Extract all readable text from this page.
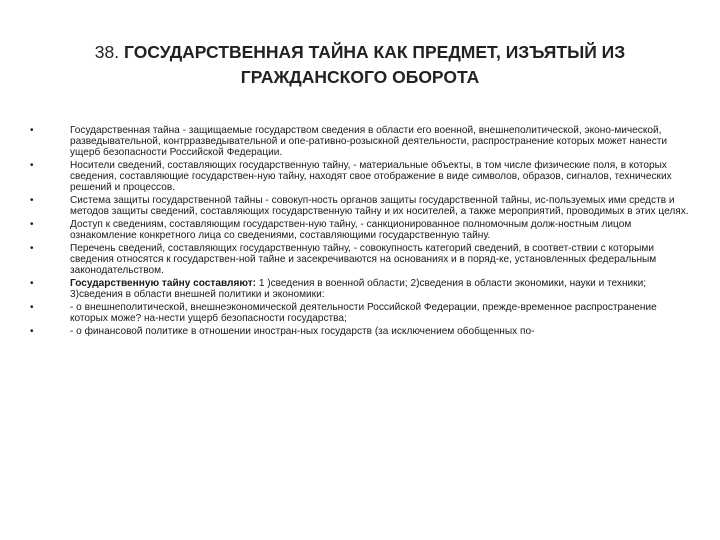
38. ГОСУДАРСТВЕННАЯ ТАЙНА КАК ПРЕДМЕТ, ИЗЪЯТЫЙ ИЗ ГРАЖДАНСКОГО ОБОРОТА
•	Государственная тайна - защищаемые государством сведения в области его военной, внешнеполитической, эконо-мической, разведывательной, контрразведывательной и опе-ративно-розыскной деятельности, распространение которых может нанести ущерб безопасности Российской Федерации.
•	Носители сведений, составляющих государственную тайну, - материальные объекты, в том числе физические поля, в которых сведения, составляющие государствен-ную тайну, находят свое отображение в виде символов, образов, сигналов, технических решений и процессов.
•	Система защиты государственной тайны - совокуп-ность органов защиты государственной тайны, ис-пользуемых ими средств и методов защиты сведений, составляющих государственную тайну и их носителей, а также мероприятий, проводимых в этих целях.
•	Доступ к сведениям, составляющим государствен-ную тайну, - санкционированное полномочным долж-ностным лицом ознакомление конкретного лица со сведениями, составляющими государственную тайну.
•	Перечень сведений, составляющих государственную тайну, - совокупность категорий сведений, в соответ-ствии с которыми сведения относятся к государствен-ной тайне и засекречиваются на основаниях и в поряд-ке, установленных федеральным законодательством.
•	Государственную тайну составляют: 1 )сведения в военной области; 2)сведения в области экономики, науки и техники; 3)сведения в области внешней политики и экономики:
•	- о внешнеполитической, внешнеэкономической деятельности Российской Федерации, прежде-временное распространение которых може? на-нести ущерб безопасности государства;
•	- о финансовой политике в отношении иностран-ных государств (за исключением обобщенных по-
